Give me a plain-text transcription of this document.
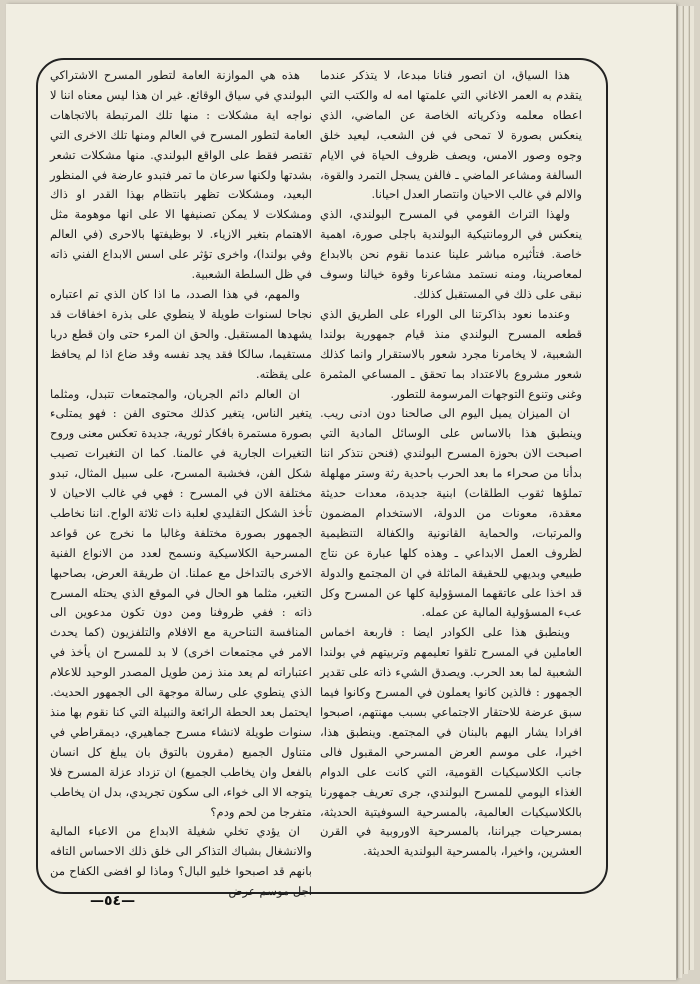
هذا السياق، ان اتصور فنانا مبدعا، لا يتذكر عندما يتقدم به العمر الاغاني التي علمتها امه له والكتب التي اعطاه معلمه وذكرياته الخاصة عن الماضي، الذي ينعكس بصورة لا تمحى في فن الشعب، ليعيد خلق وجوه وصور الامس، ويصف ظروف الحياة في الايام السالفة ومشاعر الماضي ـ فالفن يسجل التمرد والقوة، والالم في غالب الاحيان وانتصار العدل احيانا.

ولهذا التراث القومي في المسرح البولندي، الذي ينعكس في الرومانتيكية البولندية باجلى صورة، اهمية خاصة. فتأثيره مباشر علينا عندما نقوم نحن بالابداع لمعاصرينا، ومنه نستمد مشاعرنا وقوة خيالنا وسوف نبقى على ذلك في المستقبل كذلك.

وعندما نعود بذاكرتنا الى الوراء على الطريق الذي قطعه المسرح البولندي منذ قيام جمهورية بولندا الشعبية، لا يخامرنا مجرد شعور بالاستقرار وانما كذلك شعور مشروع بالاعتداد بما تحقق ـ المساعي المثمرة وغنى وتنوع التوجهات المرسومة للتطور.

ان الميزان يميل اليوم الى صالحنا دون ادنى ريب. وينطبق هذا بالاساس على الوسائل المادية التي اصبحت الان بحوزة المسرح البولندي (فنحن نتذكر اننا بدأنا من صحراء ما بعد الحرب باحدية رثة وستر مهلهلة تملؤها ثقوب الطلقات) ابنية جديدة، معدات حديثة معقدة، معونات من الدولة، الاستخدام المضمون والمرتبات، والحماية القانونية والكفالة التنظيمية لظروف العمل الابداعي ـ وهذه كلها عبارة عن نتاج طبيعي وبديهي للحقيقة الماثلة في ان المجتمع والدولة قد اخذا على عاتقهما المسؤولية كلها عن المسرح وكل عبء المسؤولية المالية عن عمله.

وينطبق هذا على الكوادر ايضا : فاربعة اخماس العاملين في المسرح تلقوا تعليمهم وتربيتهم في بولندا الشعبية لما بعد الحرب. ويصدق الشيء ذاته على تقدير الجمهور : فالذين كانوا يعملون في المسرح وكانوا فيما سبق عرضة للاحتقار الاجتماعي بسبب مهنتهم، اصبحوا افرادا يشار اليهم بالبنان في المجتمع. وينطبق هذا، اخيرا، على موسم العرض المسرحي المقبول فالى جانب الكلاسيكيات القومية، التي كانت على الدوام الغذاء اليومي للمسرح البولندي، جرى تعريف جمهورنا بالكلاسيكيات العالمية، بالمسرحية السوفيتية الحديثة، بمسرحيات جيراننا، بالمسرحية الاوروبية في القرن العشرين، واخيرا، بالمسرحية البولندية الحديثة.

هذه هي الموازنة العامة لتطور المسرح الاشتراكي البولندي في سياق الوقائع. غير ان هذا ليس معناه اننا لا نواجه اية مشكلات : منها تلك المرتبطة بالاتجاهات العامة لتطور المسرح في العالم ومنها تلك الاخرى التي تقتصر فقط على الواقع البولندي. منها مشكلات تشعر بشدتها ولكنها سرعان ما تمر فتبدو عارضة في المنظور البعيد، ومشكلات تظهر بانتظام بهذا القدر او ذاك ومشكلات لا يمكن تصنيفها الا على انها موهومة مثل الاهتمام بتغير الازياء. لا بوظيفتها بالاحرى (في العالم وفي بولندا)، واخرى تؤثر على اسس الابداع الفني ذاته في ظل السلطة الشعبية.

والمهم، في هذا الصدد، ما اذا كان الذي تم اعتباره نجاحا لسنوات طويلة لا ينطوي على بذرة اخفاقات قد يشهدها المستقبل. والحق ان المرء حتى وان قطع دربا مستقيما، سالكا فقد يجد نفسه وقد ضاع اذا لم يحافظ على يقظته.

ان العالم دائم الجريان، والمجتمعات تتبدل، ومثلما يتغير الناس، يتغير كذلك محتوى الفن : فهو يمتلىء بصورة مستمرة بافكار ثورية، جديدة تعكس معنى وروح التغيرات الجارية في عالمنا. كما ان التغيرات تصيب شكل الفن، فخشبة المسرح، على سبيل المثال، تبدو مختلفة الان في المسرح : فهي في غالب الاحيان لا تأخذ الشكل التقليدي لعلبة ذات ثلاثة الواح. اننا نخاطب الجمهور بصورة مختلفة وغالبا ما نخرج عن قواعد المسرحية الكلاسيكية ونسمح لعدد من الانواع الفنية الاخرى بالتداخل مع عملنا. ان طريقة العرض، بصاحبها التغير، مثلما هو الحال في الموقع الذي يحتله المسرح ذاته : ففي ظروفنا ومن دون تكون مدعوين الى المنافسة التناحرية مع الافلام والتلفزيون (كما يحدث الامر في مجتمعات اخرى) لا بد للمسرح ان يأخذ في اعتباراته لم يعد منذ زمن طويل المصدر الوحيد للاعلام الذي ينطوي على رسالة موجهة الى الجمهور الحديث. ايحتمل بعد الحطة الرائعة والنبيلة التي كنا نقوم بها منذ سنوات طويلة لانشاء مسرح جماهيري، ديمقراطي في متناول الجميع (مقرون بالتوق بان يبلغ كل انسان بالفعل وان يخاطب الجميع) ان تزداد عزلة المسرح فلا يتوجه الا الى خواء، الى سكون تجريدي، بدل ان يخاطب متفرجا من لحم ودم؟

ان يؤدي تخلي شغيلة الابداع من الاعباء المالية والانشغال بشباك التذاكر الى خلق ذلك الاحساس التافه بانهم قد اصبحوا خليو البال؟ وماذا لو افضى الكفاح من اجل موسم عرض

—٥٤—
